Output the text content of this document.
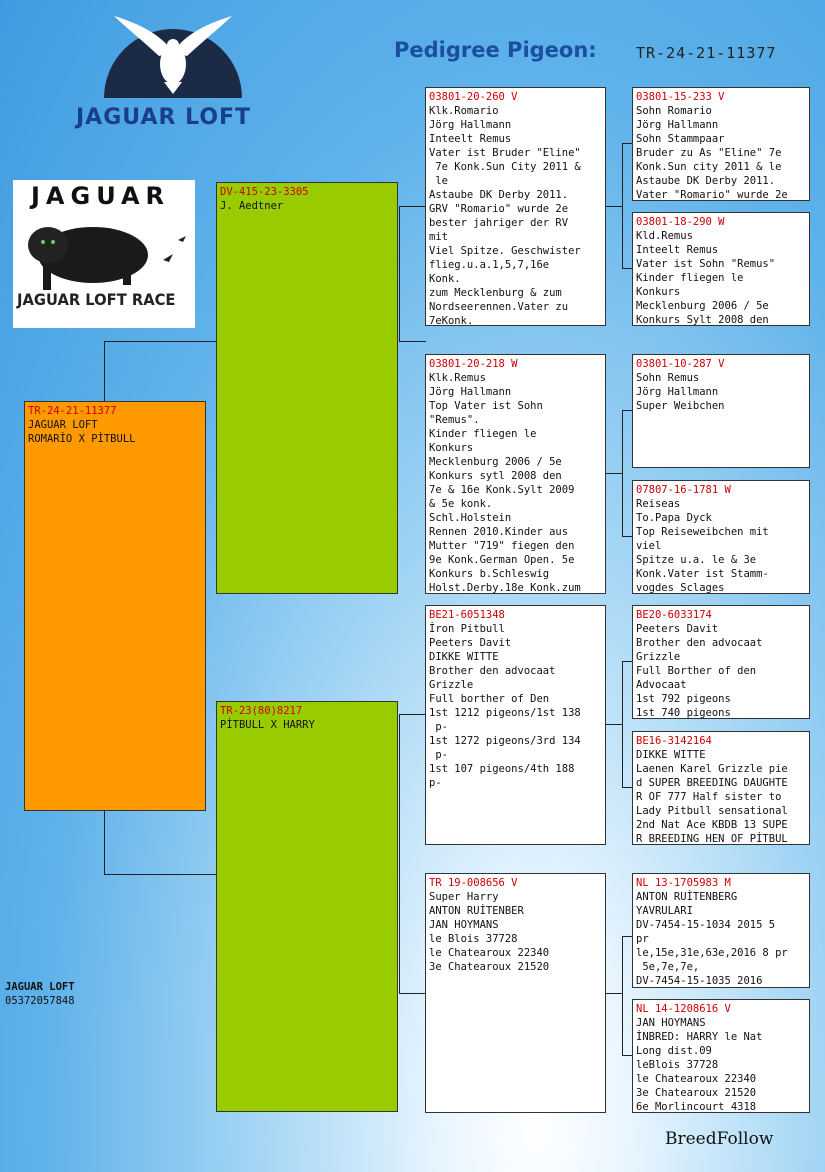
JAGUAR LOFT
Pedigree Pigeon:	TR-24-21-11377
JAGUAR
JAGUAR LOFT RACE
TR-24-21-11377
JAGUAR LOFT
ROMARİO X PİTBULL
DV-415-23-3305
J. Aedtner
TR-23(80)8217
PİTBULL X HARRY
03801-20-260 V
Klk.Romario
Jörg Hallmann
Inteelt Remus
Vater ist Bruder "Eline"
7e Konk.Sun City 2011 &
le
Astaube DK Derby 2011.
GRV "Romario" wurde 2e
bester jahriger der RV
mit
Viel Spitze. Geschwister
flieg.u.a.1,5,7,16e
Konk.
zum Mecklenburg & zum
Nordseerennen.Vater zu
7eKonk.
03801-20-218 W
Klk.Remus
Jörg Hallmann
Top Vater ist Sohn
"Remus".
Kinder fliegen le
Konkurs
Mecklenburg 2006 / 5e
Konkurs sytl 2008 den
7e & 16e Konk.Sylt 2009
& 5e konk.
Schl.Holstein
Rennen 2010.Kinder aus
Mutter "719" fiegen den
9e Konk.German Open. 5e
Konkurs b.Schleswig
Holst.Derby.18e Konk.zum
BE21-6051348
İron Pitbull
Peeters Davit
DIKKE WITTE
Brother den advocaat
Grizzle
Full borther of Den
1st 1212 pigeons/1st 138
p-
1st 1272 pigeons/3rd 134
p-
1st 107 pigeons/4th 188
p-
TR 19-008656 V
Super Harry
ANTON RUİTENBER
JAN HOYMANS
le Blois 37728
le Chatearoux 22340
3e Chatearoux 21520
03801-15-233 V
Sohn Romario
Jörg Hallmann
Sohn Stammpaar
Bruder zu As "Eline" 7e
Konk.Sun city 2011 & le
Astaube DK Derby 2011.
Vater "Romario" wurde 2e
03801-18-290 W
Kld.Remus
Inteelt Remus
Vater ist Sohn "Remus"
Kinder fliegen le
Konkurs
Mecklenburg 2006 / 5e
Konkurs Sylt 2008 den
03801-10-287 V
Sohn Remus
Jörg Hallmann
Super Weibchen
07807-16-1781 W
Reiseas
To.Papa Dyck
Top Reiseweibchen mit
viel
Spitze u.a. le & 3e
Konk.Vater ist Stamm-
vogdes Sclages
BE20-6033174
Peeters Davit
Brother den advocaat
Grizzle
Full Borther of den
Advocaat
1st 792 pigeons
1st 740 pigeons
BE16-3142164
DIKKE WITTE
Laenen Karel Grizzle pie
d SUPER BREEDING DAUGHTE
R OF 777 Half sister to
Lady Pitbull sensational
2nd Nat Ace KBDB 13 SUPE
R BREEDING HEN OF PİTBUL
NL 13-1705983 M
ANTON RUİTENBERG
YAVRULARI
DV-7454-15-1034 2015 5
pr
le,15e,31e,63e,2016 8 pr
5e,7e,7e,
DV-7454-15-1035 2016
NL 14-1208616 V
JAN HOYMANS
İNBRED: HARRY le Nat
Long dist.09
leBlois 37728
le Chatearoux 22340
3e Chatearoux 21520
6e Morlincourt 4318
JAGUAR LOFT
05372057848
BreedFollow
